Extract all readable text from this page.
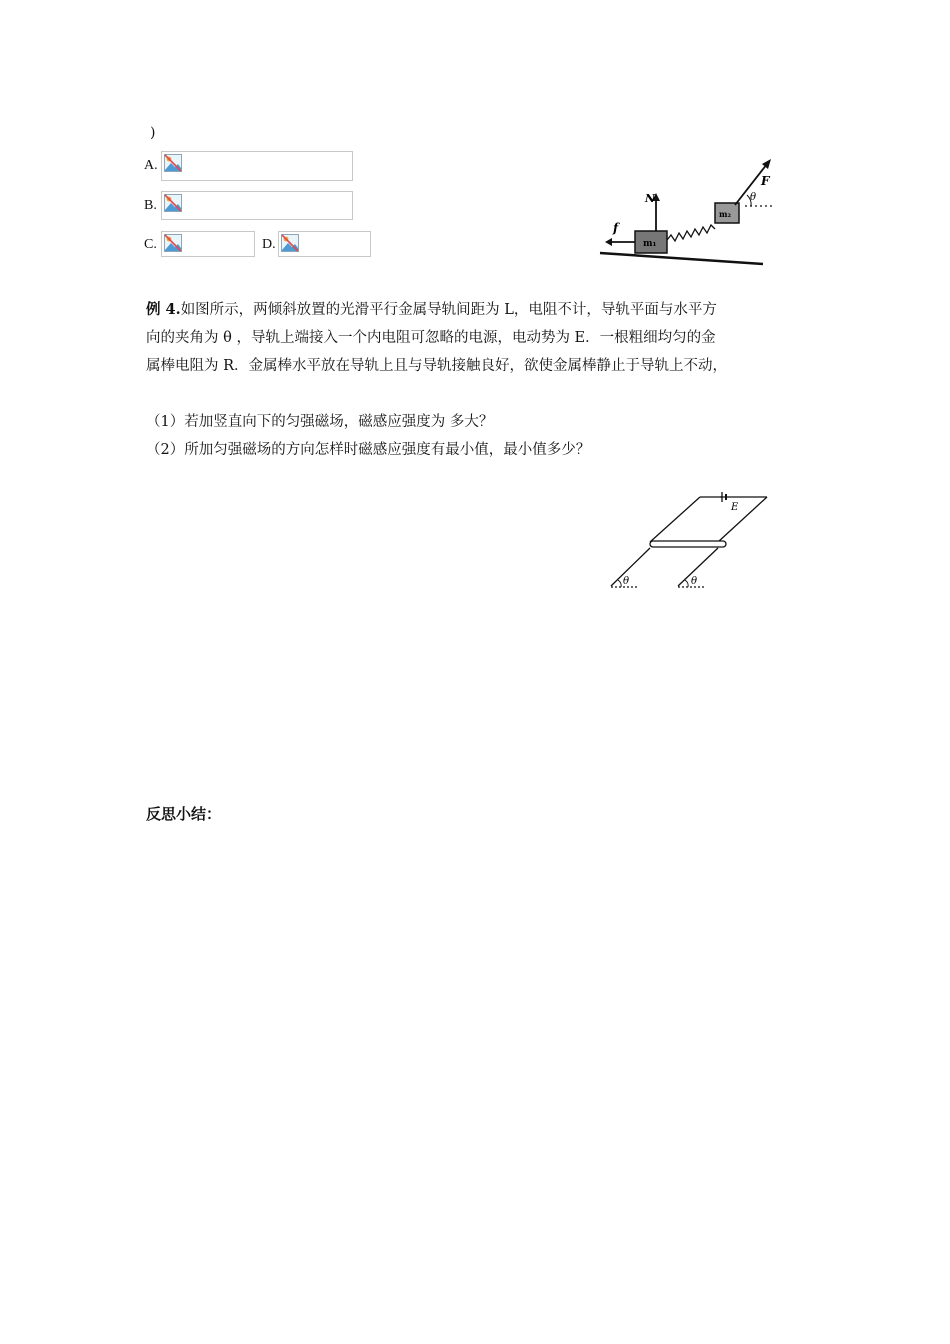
)
A.
B.
C.	D.	m₁
f
N
m₂
F
θ
例 4.如图所示，两倾斜放置的光滑平行金属导轨间距为 L，电阻不计，导轨平面与水平方
向的夹角为 θ ，导轨上端接入一个内电阻可忽略的电源，电动势为 E．一根粗细均匀的金
属棒电阻为 R．金属棒水平放在导轨上且与导轨接触良好，欲使金属棒静止于导轨上不动，
（1）若加竖直向下的匀强磁场，磁感应强度为 多大？
（2）所加匀强磁场的方向怎样时磁感应强度有最小值，最小值多少？
E
θ	θ
反思小结：
